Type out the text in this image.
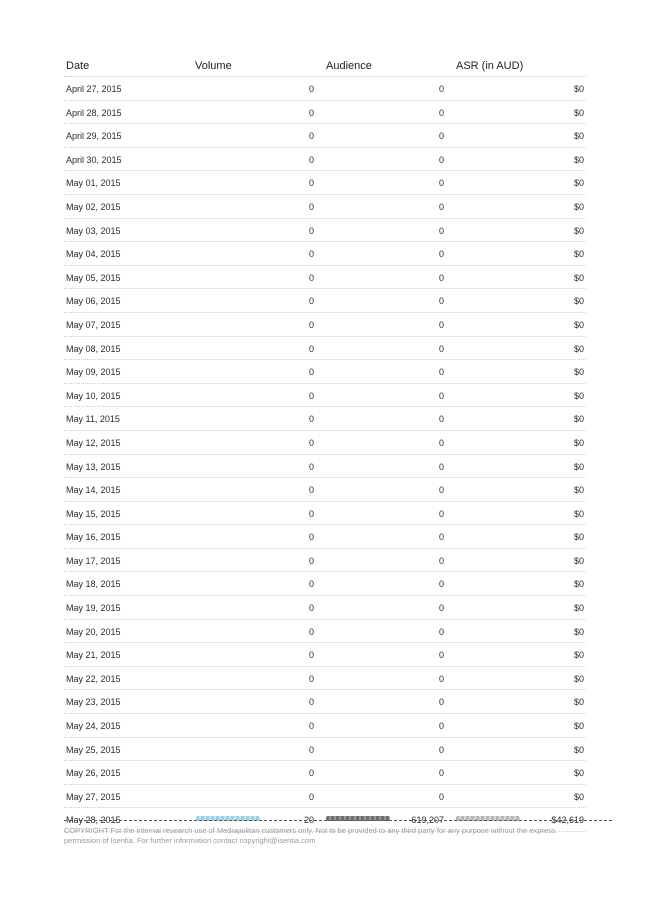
Date	Volume	Audience	ASR (in AUD)
April 27, 2015	0	0	$0
April 28, 2015	0	0	$0
April 29, 2015	0	0	$0
April 30, 2015	0	0	$0
May 01, 2015	0	0	$0
May 02, 2015	0	0	$0
May 03, 2015	0	0	$0
May 04, 2015	0	0	$0
May 05, 2015	0	0	$0
May 06, 2015	0	0	$0
May 07, 2015	0	0	$0
May 08, 2015	0	0	$0
May 09, 2015	0	0	$0
May 10, 2015	0	0	$0
May 11, 2015	0	0	$0
May 12, 2015	0	0	$0
May 13, 2015	0	0	$0
May 14, 2015	0	0	$0
May 15, 2015	0	0	$0
May 16, 2015	0	0	$0
May 17, 2015	0	0	$0
May 18, 2015	0	0	$0
May 19, 2015	0	0	$0
May 20, 2015	0	0	$0
May 21, 2015	0	0	$0
May 22, 2015	0	0	$0
May 23, 2015	0	0	$0
May 24, 2015	0	0	$0
May 25, 2015	0	0	$0
May 26, 2015	0	0	$0
May 27, 2015	0	0	$0
May 28, 2015	20	619,207	$42,619
COPYRIGHT For the internal research use of Mediapolitan customers only. Not to be provided to any third party for any purpose without the express permission of Isentia. For further information contact copyright@isentia.com
